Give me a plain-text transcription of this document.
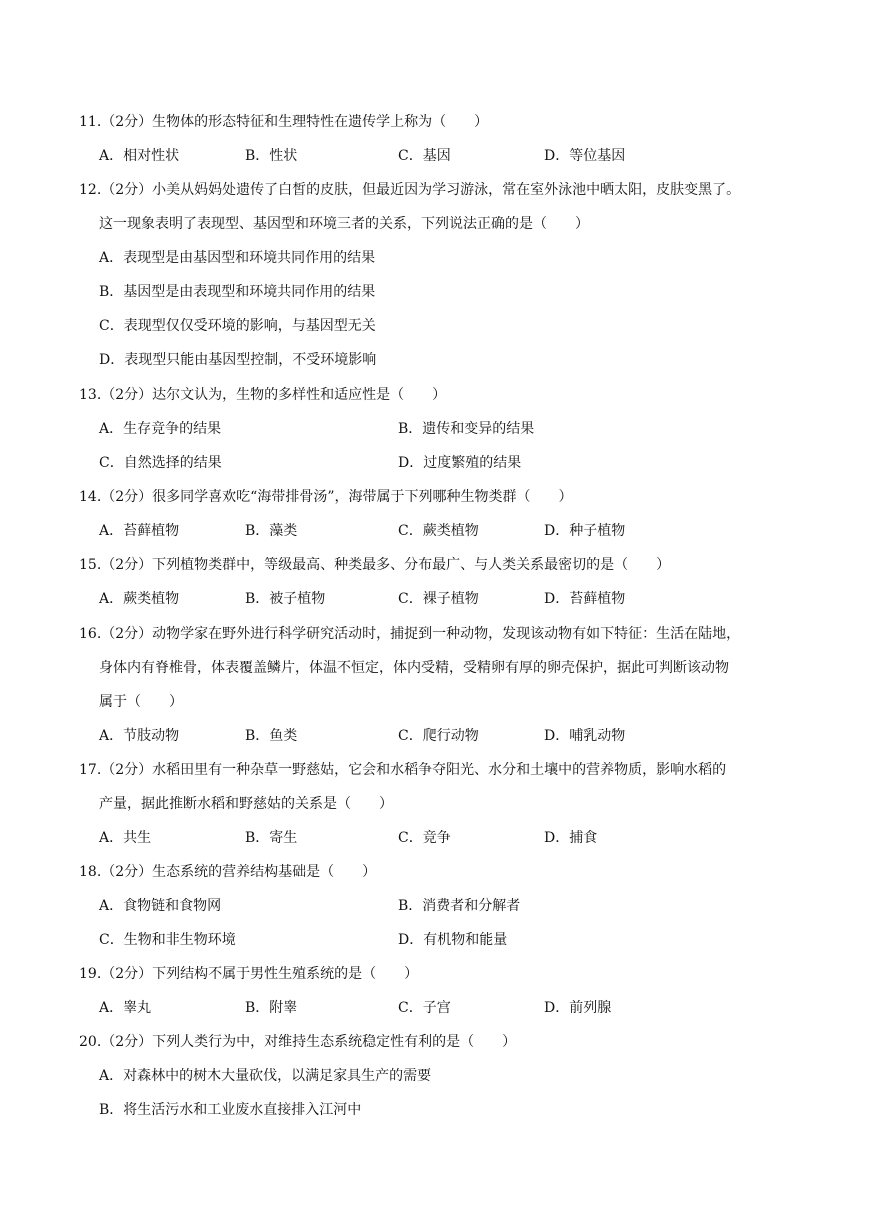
11.（2分）生物体的形态特征和生理特性在遗传学上称为（　　）
A．相对性状	B．性状	C．基因	D．等位基因
12.（2分）小美从妈妈处遗传了白皙的皮肤，但最近因为学习游泳，常在室外泳池中晒太阳，皮肤变黑了。
这一现象表明了表现型、基因型和环境三者的关系，下列说法正确的是（　　）
A．表现型是由基因型和环境共同作用的结果
B．基因型是由表现型和环境共同作用的结果
C．表现型仅仅受环境的影响，与基因型无关
D．表现型只能由基因型控制，不受环境影响
13.（2分）达尔文认为，生物的多样性和适应性是（　　）
A．生存竞争的结果	B．遗传和变异的结果
C．自然选择的结果	D．过度繁殖的结果
14.（2分）很多同学喜欢吃“海带排骨汤”，海带属于下列哪种生物类群（　　）
A．苔藓植物	B．藻类	C．蕨类植物	D．种子植物
15.（2分）下列植物类群中，等级最高、种类最多、分布最广、与人类关系最密切的是（　　）
A．蕨类植物	B．被子植物	C．裸子植物	D．苔藓植物
16.（2分）动物学家在野外进行科学研究活动时，捕捉到一种动物，发现该动物有如下特征：生活在陆地，
身体内有脊椎骨，体表覆盖鳞片，体温不恒定，体内受精，受精卵有厚的卵壳保护，据此可判断该动物
属于（　　）
A．节肢动物	B．鱼类	C．爬行动物	D．哺乳动物
17.（2分）水稻田里有一种杂草一野慈姑，它会和水稻争夺阳光、水分和土壤中的营养物质，影响水稻的
产量，据此推断水稻和野慈姑的关系是（　　）
A．共生	B．寄生	C．竞争	D．捕食
18.（2分）生态系统的营养结构基础是（　　）
A．食物链和食物网	B．消费者和分解者
C．生物和非生物环境	D．有机物和能量
19.（2分）下列结构不属于男性生殖系统的是（　　）
A．睾丸	B．附睾	C．子宫	D．前列腺
20.（2分）下列人类行为中，对维持生态系统稳定性有利的是（　　）
A．对森林中的树木大量砍伐，以满足家具生产的需要
B．将生活污水和工业废水直接排入江河中
